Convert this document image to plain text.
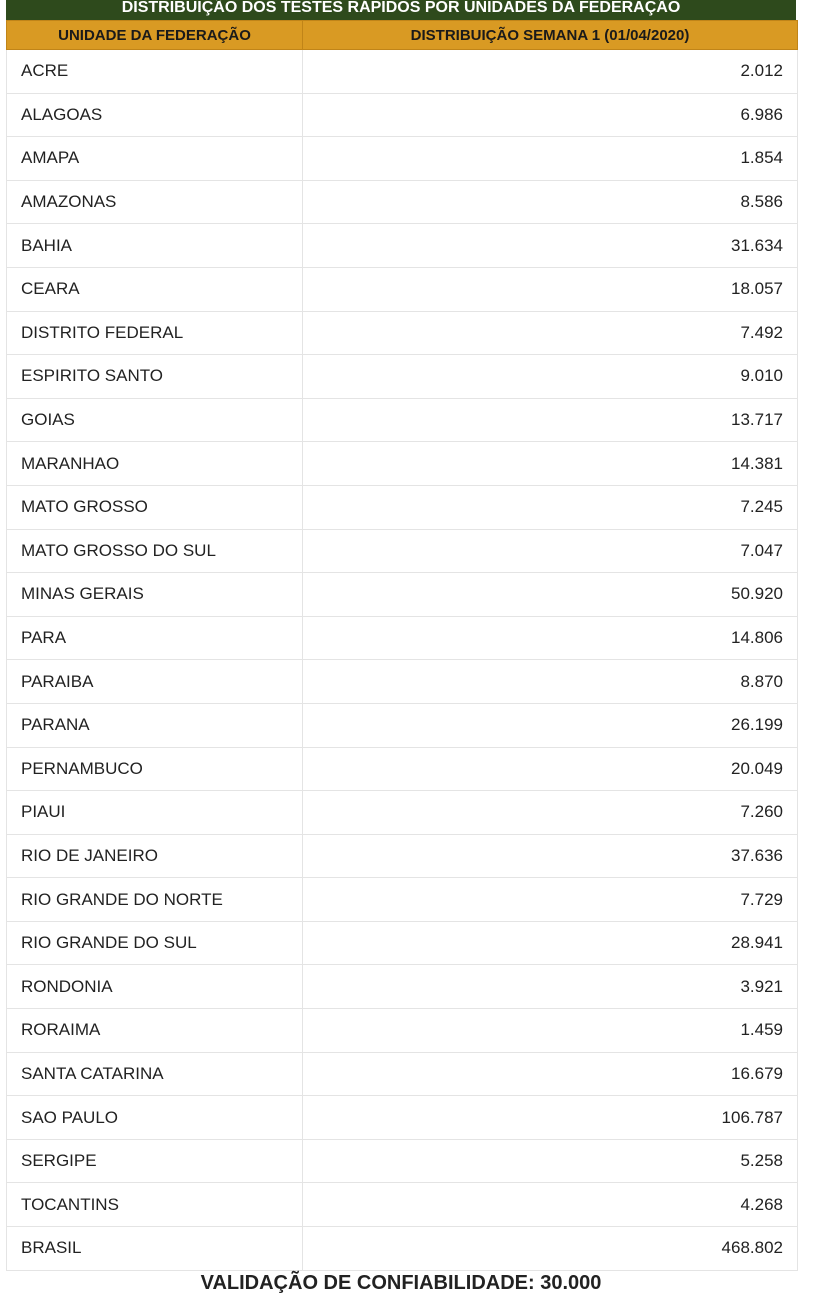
DISTRIBUIÇÃO DOS TESTES RÁPIDOS POR UNIDADES DA FEDERAÇÃO
UNIDADE DA FEDERAÇÃO	DISTRIBUIÇÃO SEMANA 1 (01/04/2020)
ACRE	2.012
ALAGOAS	6.986
AMAPA	1.854
AMAZONAS	8.586
BAHIA	31.634
CEARA	18.057
DISTRITO FEDERAL	7.492
ESPIRITO SANTO	9.010
GOIAS	13.717
MARANHAO	14.381
MATO GROSSO	7.245
MATO GROSSO DO SUL	7.047
MINAS GERAIS	50.920
PARA	14.806
PARAIBA	8.870
PARANA	26.199
PERNAMBUCO	20.049
PIAUI	7.260
RIO DE JANEIRO	37.636
RIO GRANDE DO NORTE	7.729
RIO GRANDE DO SUL	28.941
RONDONIA	3.921
RORAIMA	1.459
SANTA CATARINA	16.679
SAO PAULO	106.787
SERGIPE	5.258
TOCANTINS	4.268
BRASIL	468.802
VALIDAÇÃO DE CONFIABILIDADE: 30.000
